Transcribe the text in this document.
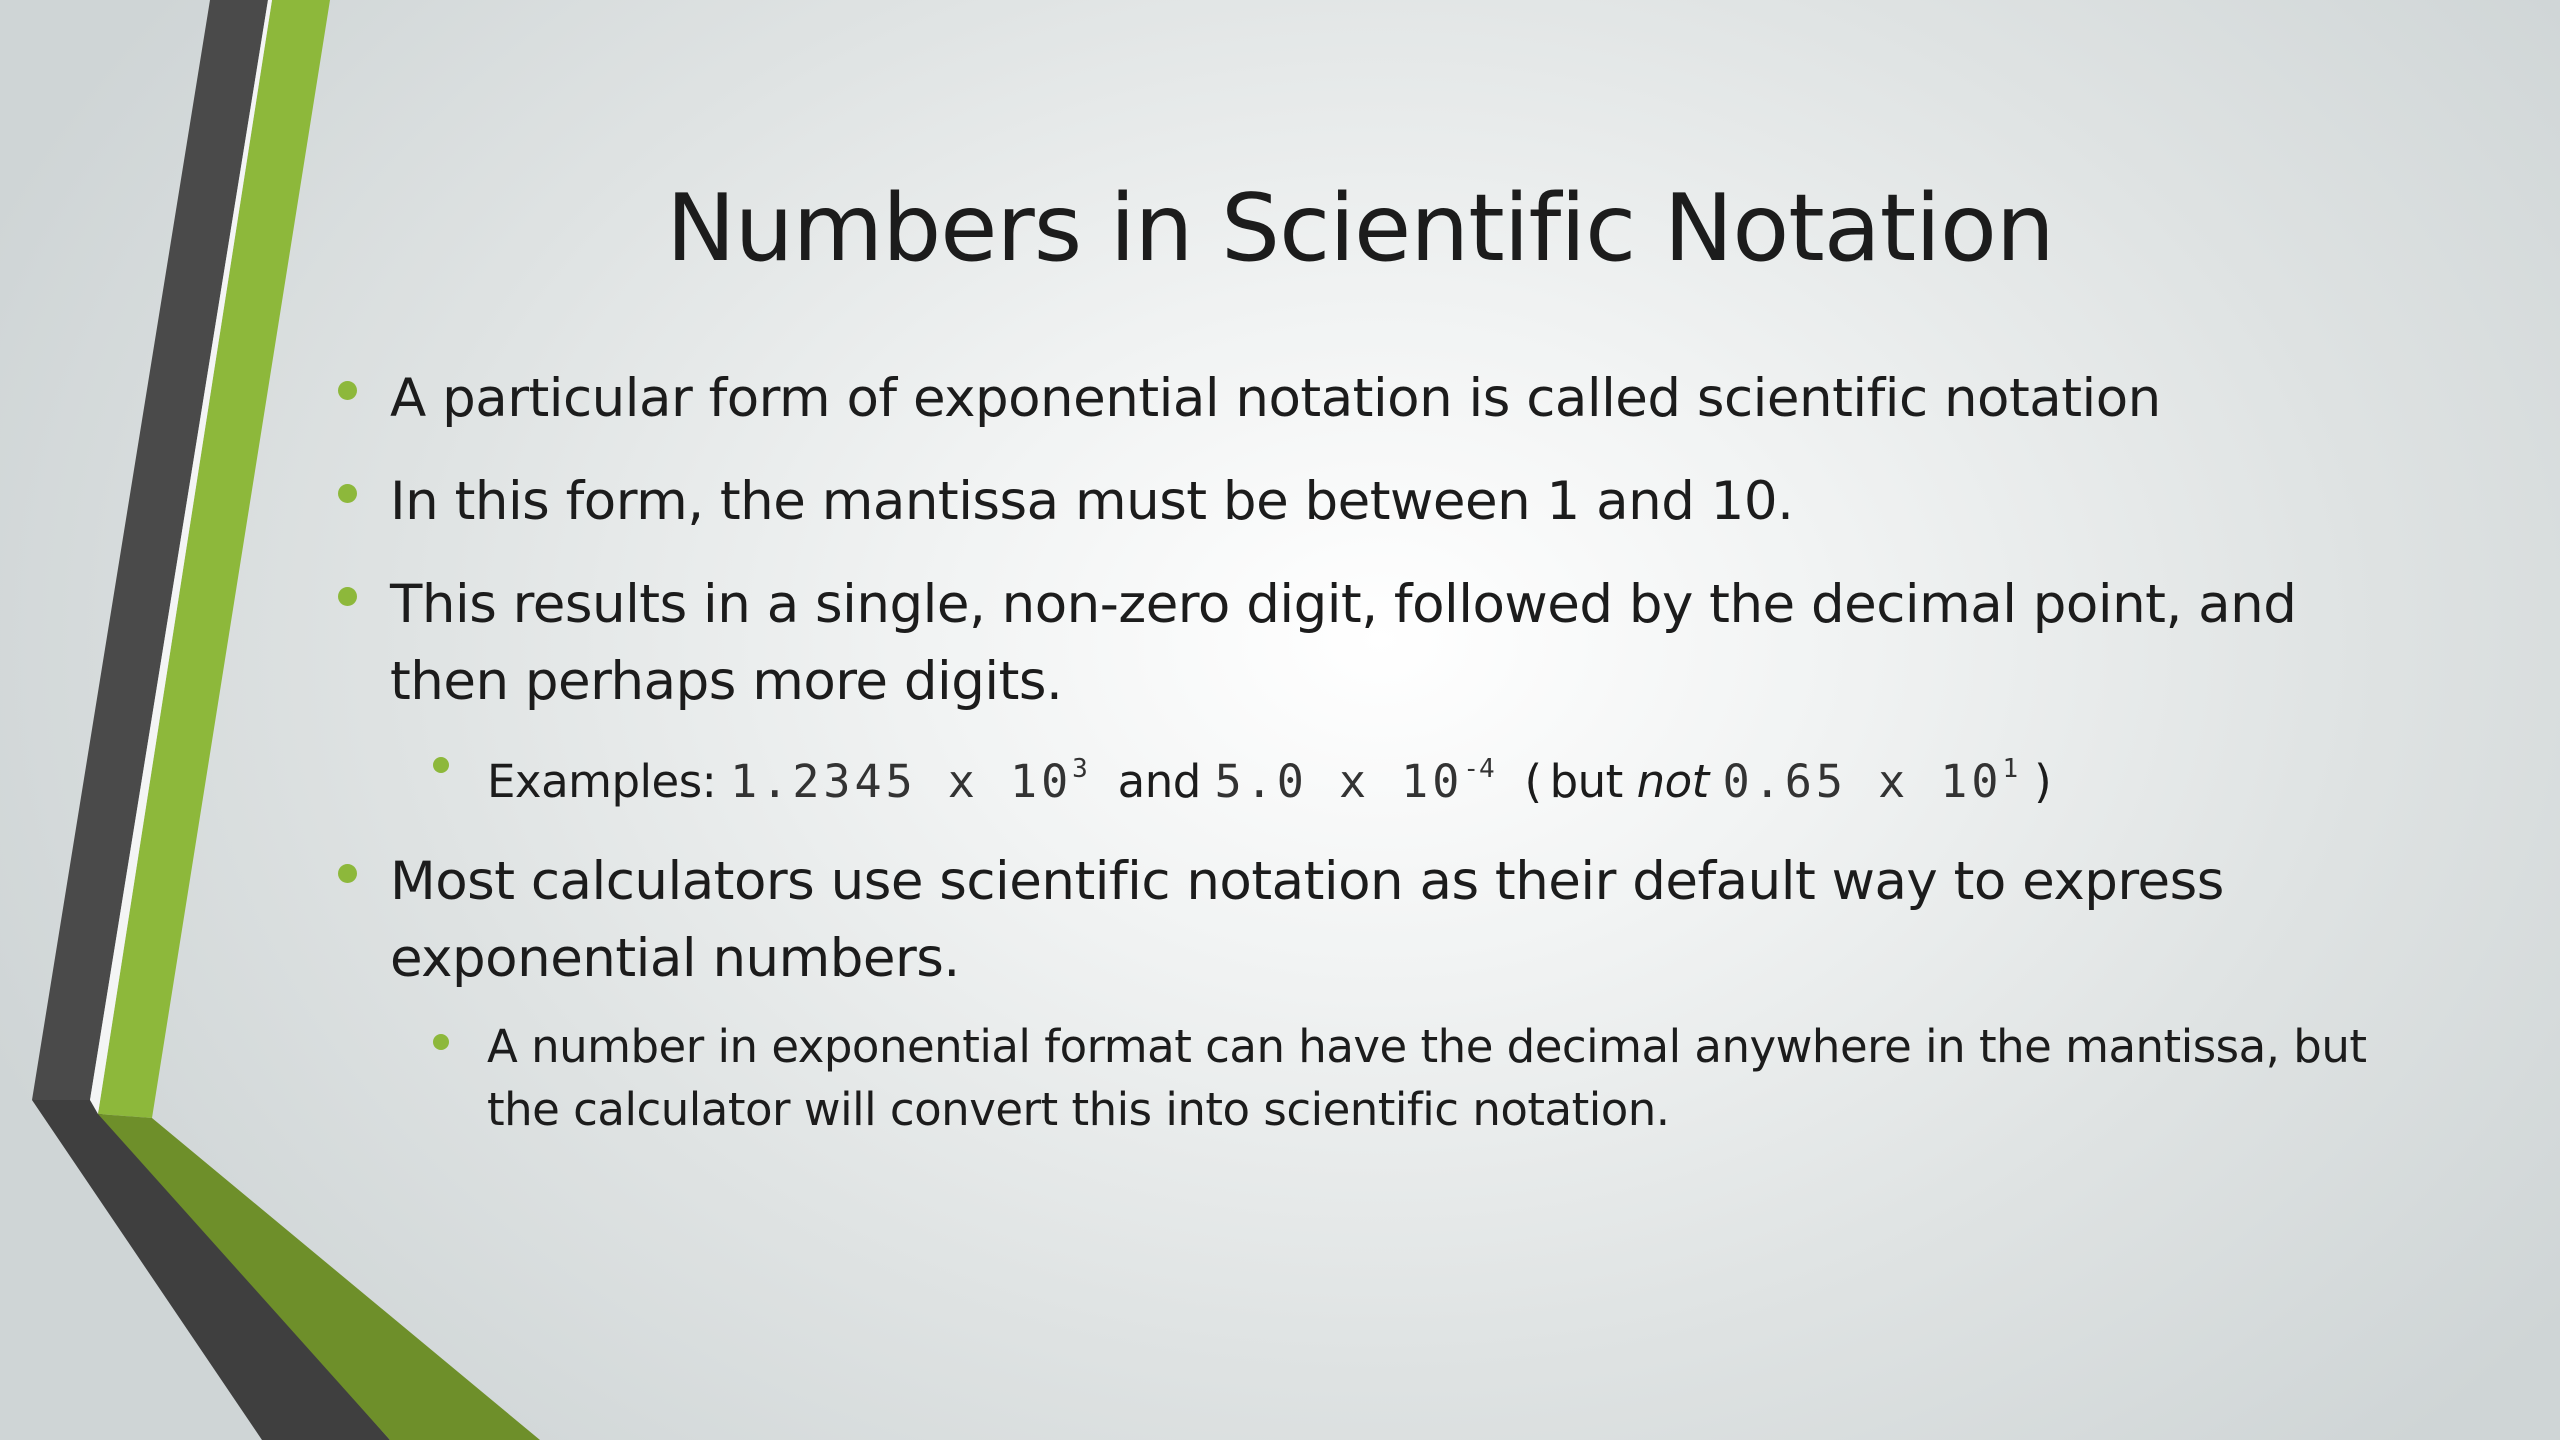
Numbers in Scientific Notation
A particular form of exponential notation is called scientific notation
In this form, the mantissa must be between 1 and 10.
This results in a single, non-zero digit, followed by the decimal point, and then perhaps more digits.
Examples: 1.2345 x $10^3$ and 5.0 x $10^{-4}$ ( but not 0.65 x $10^1$ )
Most calculators use scientific notation as their default way to express exponential numbers.
A number in exponential format can have the decimal anywhere in the mantissa, but the calculator will convert this into scientific notation.
